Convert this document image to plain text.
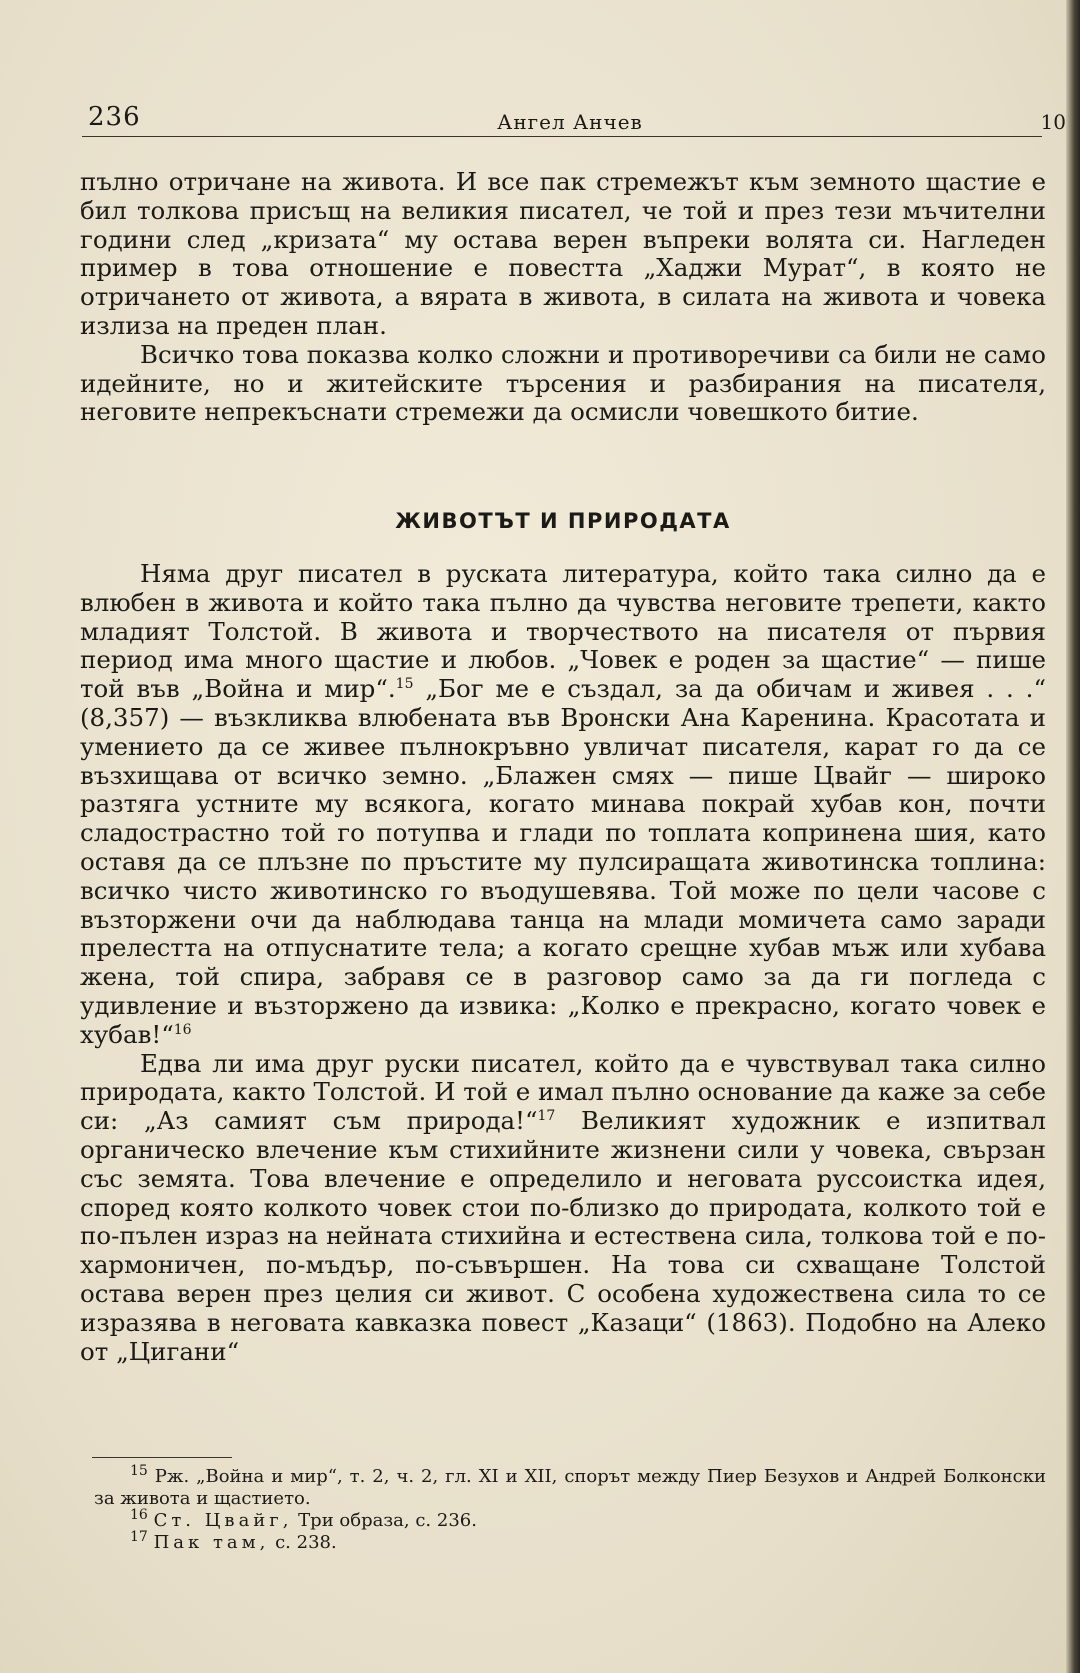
236	Ангел Анчев	10

пълно отричане на живота. И все пак стремежът към земното щастие е бил толкова присъщ на великия писател, че той и през тези мъчителни години след „кризата“ му остава верен въпреки волята си. Нагледен пример в това отношение е повестта „Хаджи Мурат“, в която не отричането от живота, а вярата в живота, в силата на живота и човека излиза на преден план.

Всичко това показва колко сложни и противоречиви са били не само идейните, но и житейските търсения и разбирания на писателя, неговите непрекъснати стремежи да осмисли човешкото битие.

ЖИВОТЪТ И ПРИРОДАТА

Няма друг писател в руската литература, който така силно да е влюбен в живота и който така пълно да чувства неговите трепети, както младият Толстой. В живота и творчеството на писателя от първия период има много щастие и любов. „Човек е роден за щастие“ — пише той във „Война и мир“.$^{15}$ „Бог ме е създал, за да обичам и живея . . .“ (8,357) — възкликва влюбената във Вронски Ана Каренина. Красотата и умението да се живее пълнокръвно увличат писателя, карат го да се възхищава от всичко земно. „Блажен смях — пише Цвайг — широко разтяга устните му всякога, когато минава покрай хубав кон, почти сладострастно той го потупва и глади по топлата копринена шия, като оставя да се плъзне по пръстите му пулсиращата животинска топлина: всичко чисто животинско го въодушевява. Той може по цели часове с възторжени очи да наблюдава танца на млади момичета само заради прелестта на отпуснатите тела; а когато срещне хубав мъж или хубава жена, той спира, забравя се в разговор само за да ги погледа с удивление и възторжено да извика: „Колко е прекрасно, когато човек е хубав!“$^{16}$

Едва ли има друг руски писател, който да е чувствувал така силно природата, както Толстой. И той е имал пълно основание да каже за себе си: „Аз самият съм природа!“$^{17}$ Великият художник е изпитвал органическо влечение към стихийните жизнени сили у човека, свързан със земята. Това влечение е определило и неговата руссоистка идея, според която колкото човек стои по-близко до природата, колкото той е по-пълен израз на нейната стихийна и естествена сила, толкова той е по-хармоничен, по-мъдър, по-съвършен. На това си схващане Толстой остава верен през целия си живот. С особена художествена сила то се изразява в неговата кавказка повест „Казаци“ (1863). Подобно на Алеко от „Цигани“

$^{15}$ Рж. „Война и мир“, т. 2, ч. 2, гл. XI и XII, спорът между Пиер Безухов и Андрей Болконски за живота и щастието.

$^{16}$ Ст. Цвайг, Три образа, с. 236.

$^{17}$ Пак там, с. 238.
